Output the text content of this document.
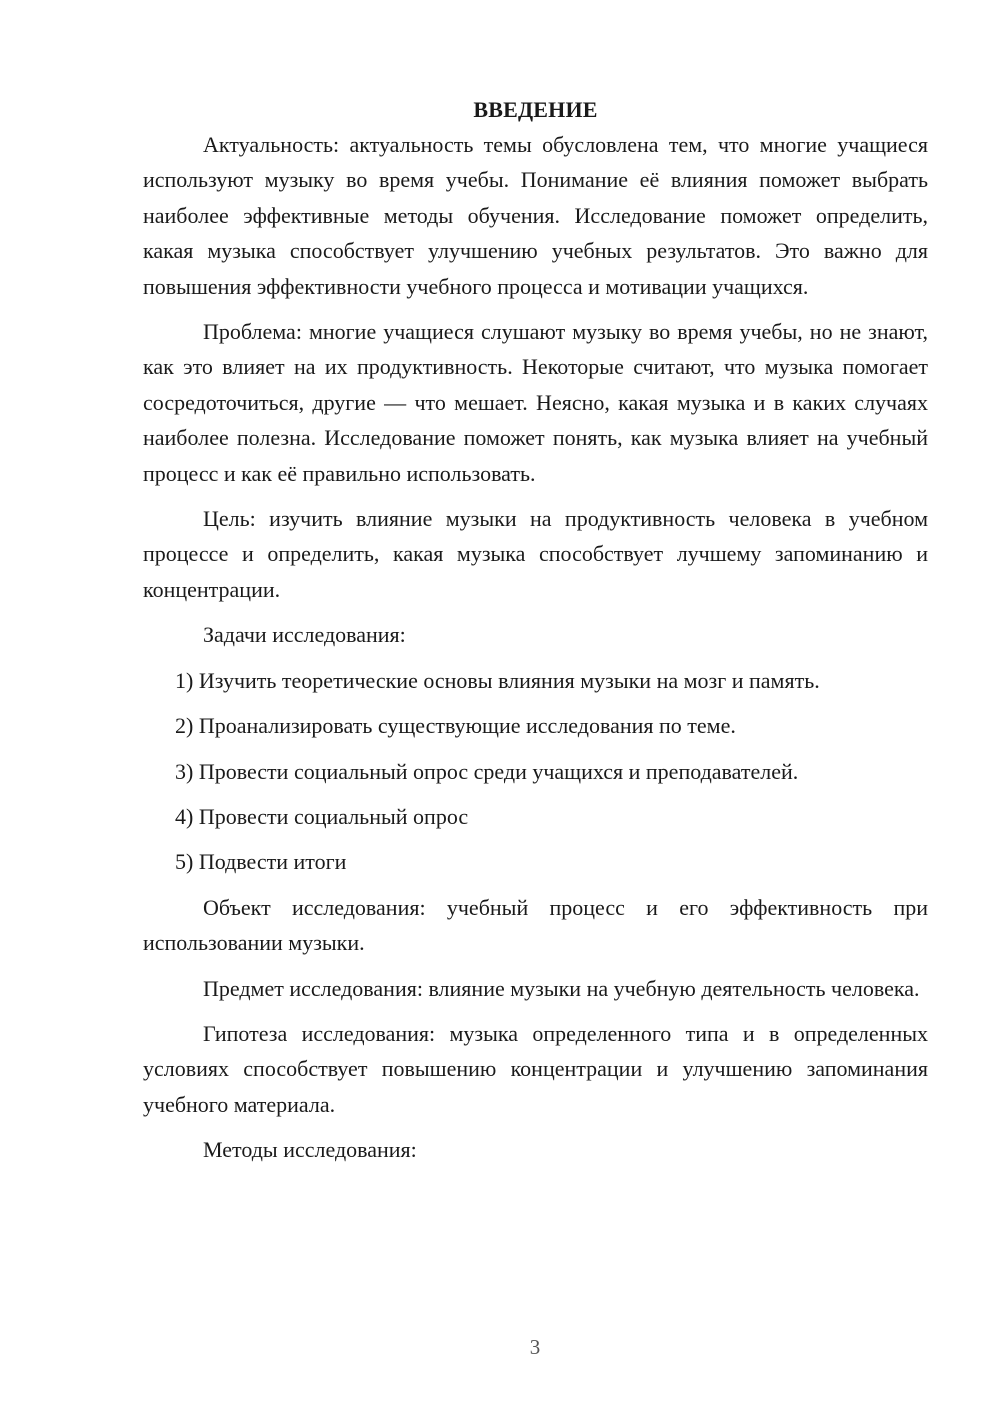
ВВЕДЕНИЕ

Актуальность: актуальность темы обусловлена тем, что многие учащиеся используют музыку во время учебы. Понимание её влияния поможет выбрать наиболее эффективные методы обучения. Исследование поможет определить, какая музыка способствует улучшению учебных результатов. Это важно для повышения эффективности учебного процесса и мотивации учащихся.

Проблема: многие учащиеся слушают музыку во время учебы, но не знают, как это влияет на их продуктивность. Некоторые считают, что музыка помогает сосредоточиться, другие — что мешает. Неясно, какая музыка и в каких случаях наиболее полезна. Исследование поможет понять, как музыка влияет на учебный процесс и как её правильно использовать.

Цель: изучить влияние музыки на продуктивность человека в учебном процессе и определить, какая музыка способствует лучшему запоминанию и концентрации.

Задачи исследования:

1) Изучить теоретические основы влияния музыки на мозг и память.

2) Проанализировать существующие исследования по теме.

3) Провести социальный опрос среди учащихся и преподавателей.

4) Провести социальный опрос

5) Подвести итоги

Объект исследования: учебный процесс и его эффективность при использовании музыки.

Предмет исследования: влияние музыки на учебную деятельность человека.

Гипотеза исследования: музыка определенного типа и в определенных условиях способствует повышению концентрации и улучшению запоминания учебного материала.

Методы исследования:

3
